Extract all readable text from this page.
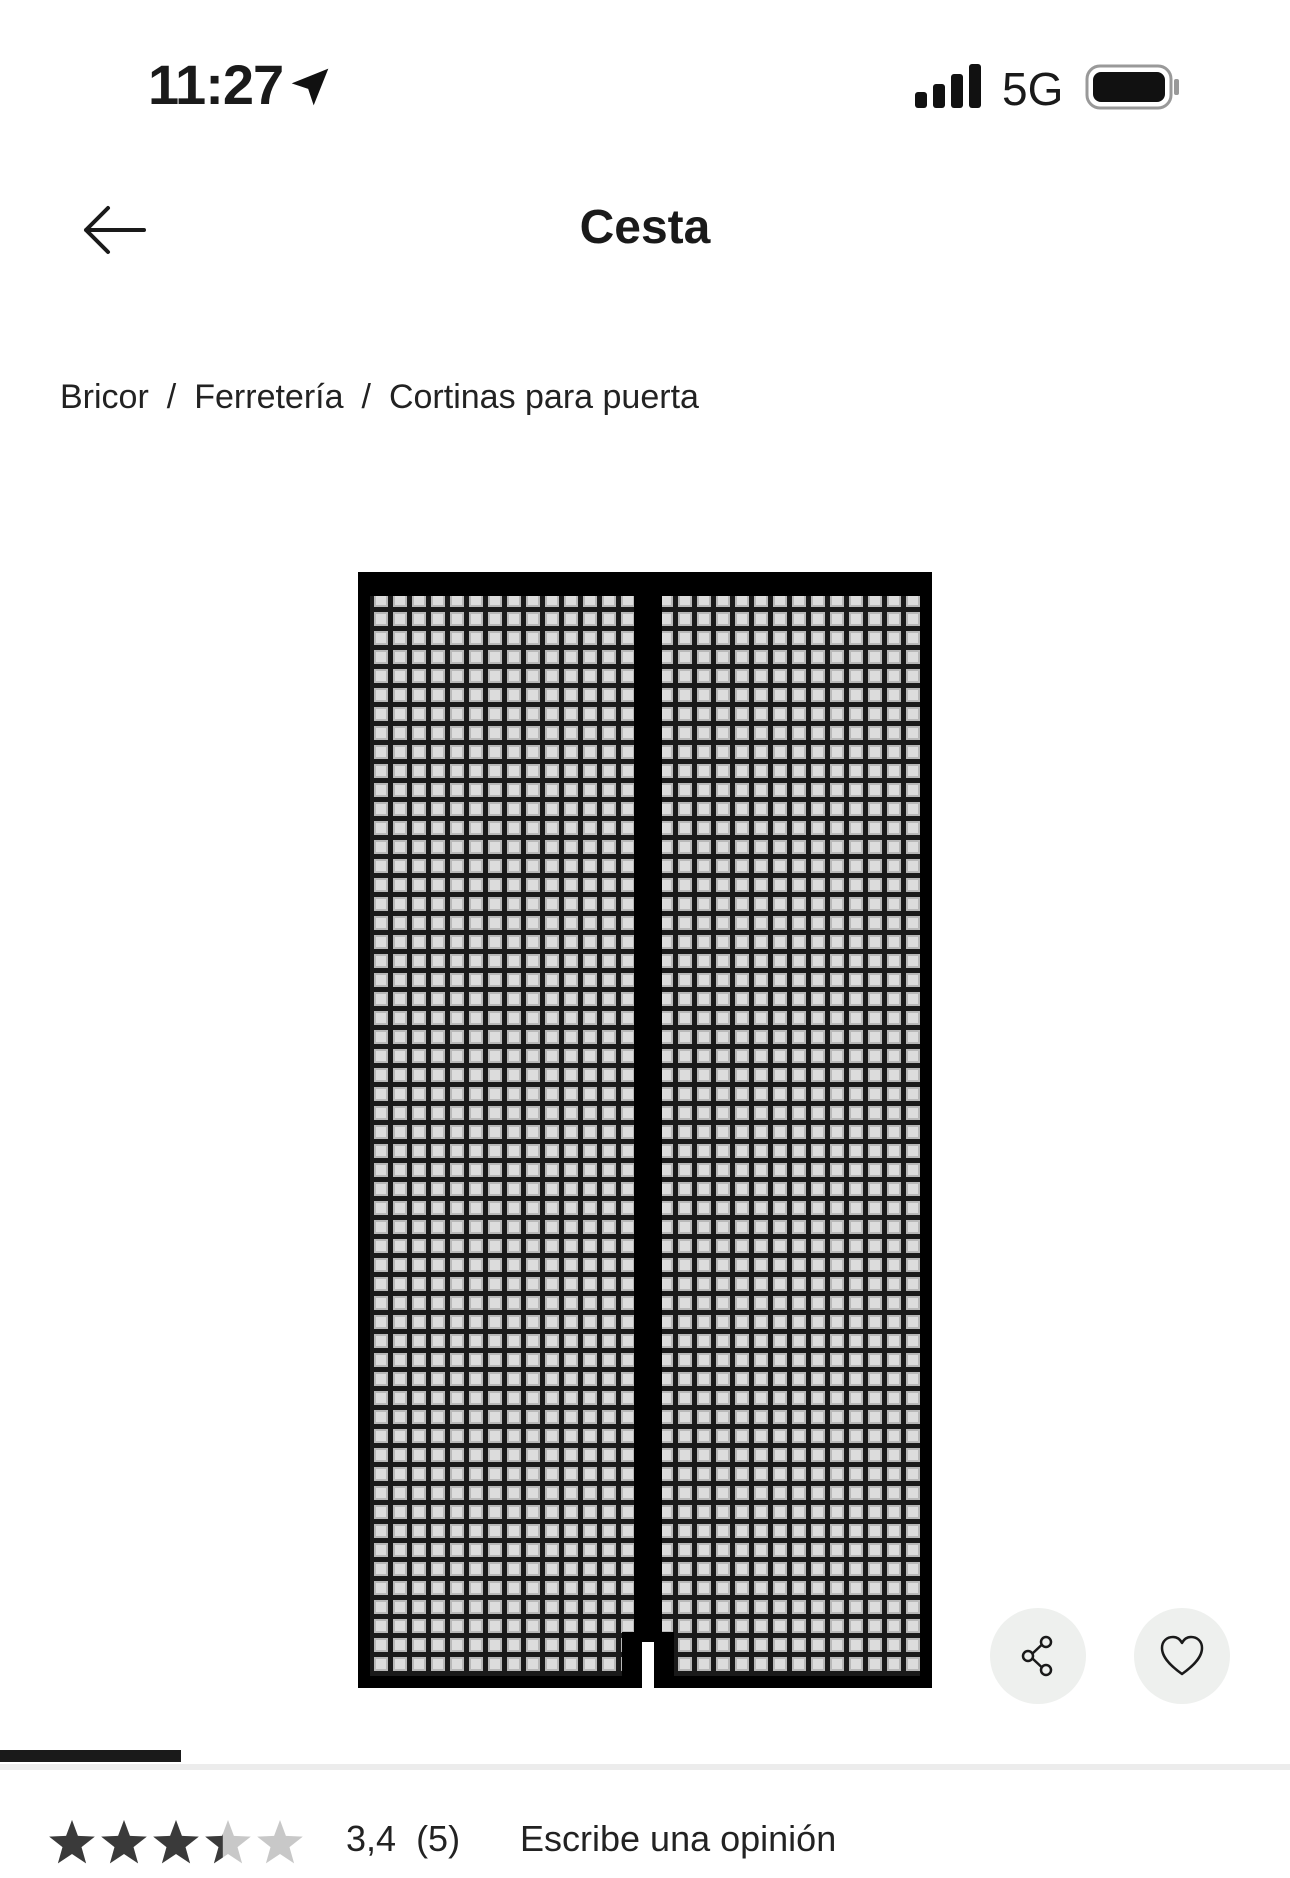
11:27	5G
Cesta
Bricor / Ferretería / Cortinas para puerta
3,4 (5) Escribe una opinión
